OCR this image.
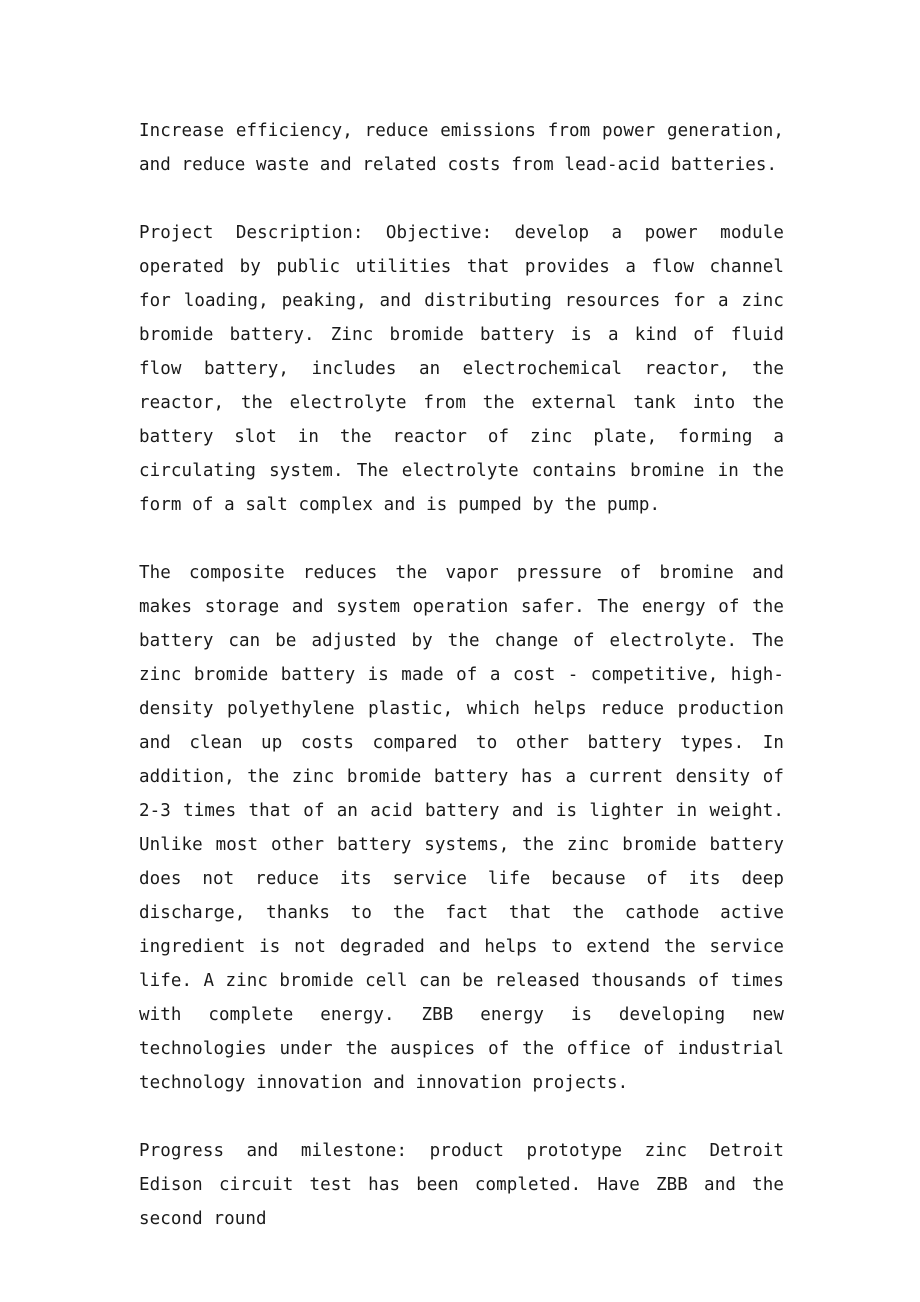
Increase efficiency, reduce emissions from power generation, and reduce waste and related costs from lead-acid batteries.

Project Description: Objective: develop a power module operated by public utilities that provides a flow channel for loading, peaking, and distributing resources for a zinc bromide battery. Zinc bromide battery is a kind of fluid flow battery, includes an electrochemical reactor, the reactor, the electrolyte from the external tank into the battery slot in the reactor of zinc plate, forming a circulating system. The electrolyte contains bromine in the form of a salt complex and is pumped by the pump.

The composite reduces the vapor pressure of bromine and makes storage and system operation safer. The energy of the battery can be adjusted by the change of electrolyte. The zinc bromide battery is made of a cost - competitive, high-density polyethylene plastic, which helps reduce production and clean up costs compared to other battery types. In addition, the zinc bromide battery has a current density of 2-3 times that of an acid battery and is lighter in weight. Unlike most other battery systems, the zinc bromide battery does not reduce its service life because of its deep discharge, thanks to the fact that the cathode active ingredient is not degraded and helps to extend the service life. A zinc bromide cell can be released thousands of times with complete energy. ZBB energy is developing new technologies under the auspices of the office of industrial technology innovation and innovation projects.

Progress and milestone: product prototype zinc Detroit Edison circuit test has been completed. Have ZBB and the second round
